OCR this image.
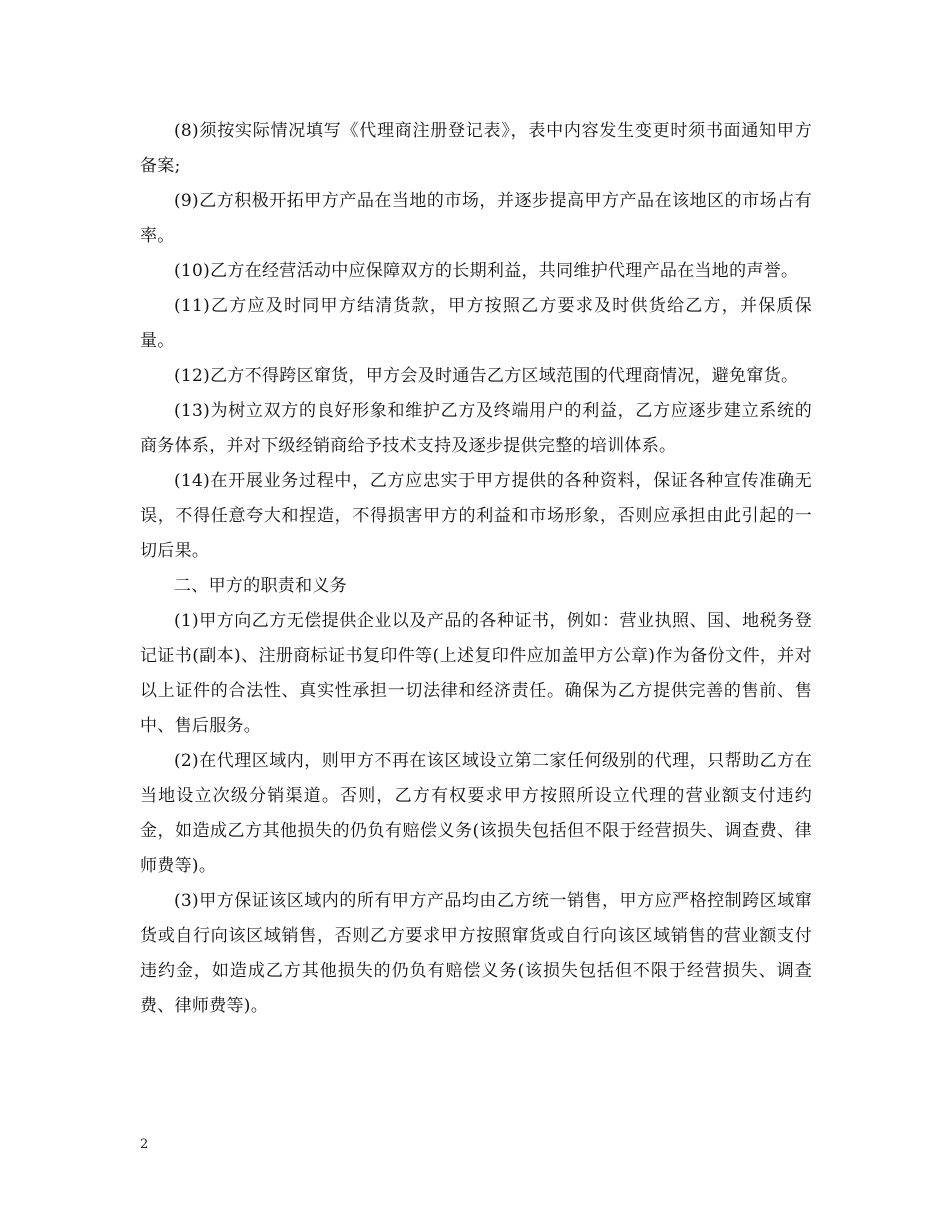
(8)须按实际情况填写《代理商注册登记表》，表中内容发生变更时须书面通知甲方备案;

(9)乙方积极开拓甲方产品在当地的市场，并逐步提高甲方产品在该地区的市场占有率。

(10)乙方在经营活动中应保障双方的长期利益，共同维护代理产品在当地的声誉。

(11)乙方应及时同甲方结清货款，甲方按照乙方要求及时供货给乙方，并保质保量。

(12)乙方不得跨区窜货，甲方会及时通告乙方区域范围的代理商情况，避免窜货。

(13)为树立双方的良好形象和维护乙方及终端用户的利益，乙方应逐步建立系统的商务体系，并对下级经销商给予技术支持及逐步提供完整的培训体系。

(14)在开展业务过程中，乙方应忠实于甲方提供的各种资料，保证各种宣传准确无误，不得任意夸大和捏造，不得损害甲方的利益和市场形象，否则应承担由此引起的一切后果。

二、甲方的职责和义务

(1)甲方向乙方无偿提供企业以及产品的各种证书，例如：营业执照、国、地税务登记证书(副本)、注册商标证书复印件等(上述复印件应加盖甲方公章)作为备份文件，并对以上证件的合法性、真实性承担一切法律和经济责任。确保为乙方提供完善的售前、售中、售后服务。

(2)在代理区域内，则甲方不再在该区域设立第二家任何级别的代理，只帮助乙方在当地设立次级分销渠道。否则，乙方有权要求甲方按照所设立代理的营业额支付违约金，如造成乙方其他损失的仍负有赔偿义务(该损失包括但不限于经营损失、调查费、律师费等)。

(3)甲方保证该区域内的所有甲方产品均由乙方统一销售，甲方应严格控制跨区域窜货或自行向该区域销售，否则乙方要求甲方按照窜货或自行向该区域销售的营业额支付违约金，如造成乙方其他损失的仍负有赔偿义务(该损失包括但不限于经营损失、调查费、律师费等)。

2
